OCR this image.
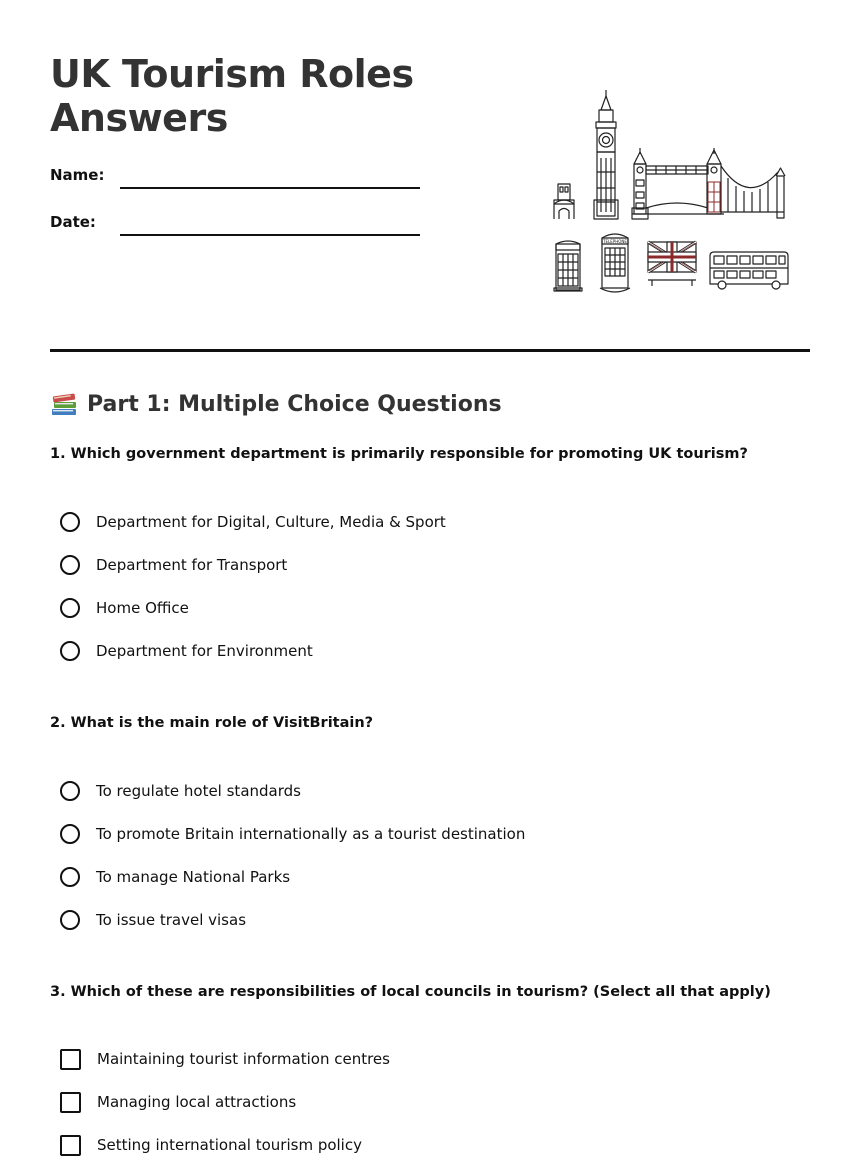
UK Tourism Roles
Answers
Name:
Date:
TELEPHONE
Part 1: Multiple Choice Questions

1. Which government department is primarily responsible for promoting UK tourism?

Department for Digital, Culture, Media & Sport
Department for Transport
Home Office
Department for Environment

2. What is the main role of VisitBritain?

To regulate hotel standards
To promote Britain internationally as a tourist destination
To manage National Parks
To issue travel visas

3. Which of these are responsibilities of local councils in tourism? (Select all that apply)

Maintaining tourist information centres
Managing local attractions
Setting international tourism policy
